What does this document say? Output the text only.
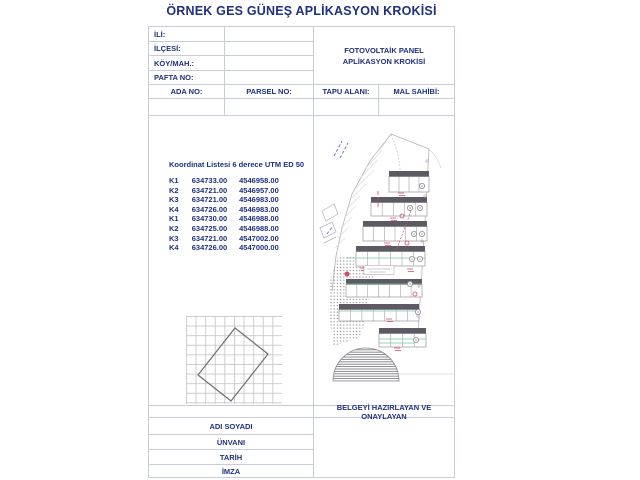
ÖRNEK GES GÜNEŞ APLİKASYON KROKİSİ
İLİ:
FOTOVOLTAİK PANEL
APLİKASYON KROKİSİ
İLÇESİ:
KÖY/MAH.:
PAFTA NO:
ADA NO:	PARSEL NO:	TAPU ALANI:	MAL SAHİBİ:
Koordinat Listesi 6 derece UTM ED 50
K1	634733.00	4546958.00
K2	634721.00	4546957.00
K3	634721.00	4546983.00
K4	634726.00	4546983.00
K1	634730.00	4546988.00
K2	634725.00	4546988.00
K3	634721.00	4547002.00
K4	634726.00	4547000.00
BELGEYİ HAZIRLAYAN VE ONAYLAYAN
ADI SOYADI
ÜNVANI
TARİH
İMZA
